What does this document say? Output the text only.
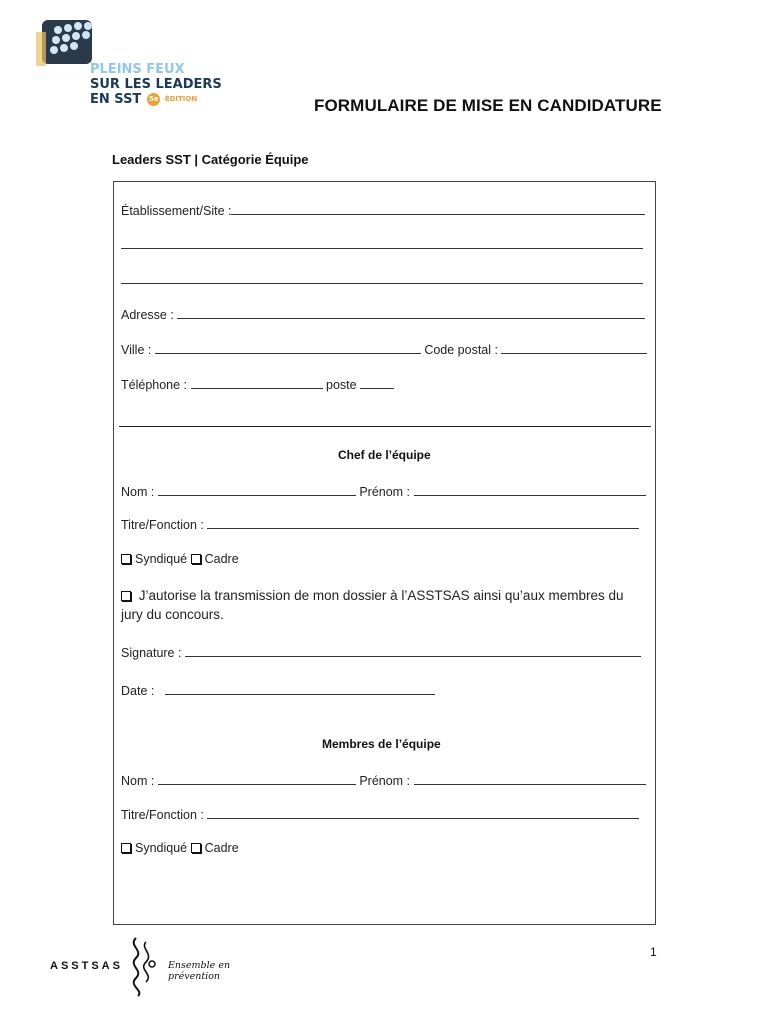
PLEINS FEUX
SUR LES LEADERS
EN SST 5e ÉDITION	FORMULAIRE DE MISE EN CANDIDATURE
Leaders SST | Catégorie Équipe
Établissement/Site :
Adresse :
Ville :	Code postal :
Téléphone :	poste
Chef de l’équipe
Nom :	Prénom :
Titre/Fonction :
Syndiqué Cadre
J’autorise la transmission de mon dossier à l’ASSTSAS ainsi qu’aux membres du jury du concours.
Signature :
Date :
Membres de l’équipe
Nom :	Prénom :
Titre/Fonction :
Syndiqué Cadre
ASSTSAS	Ensemble en prévention
1
